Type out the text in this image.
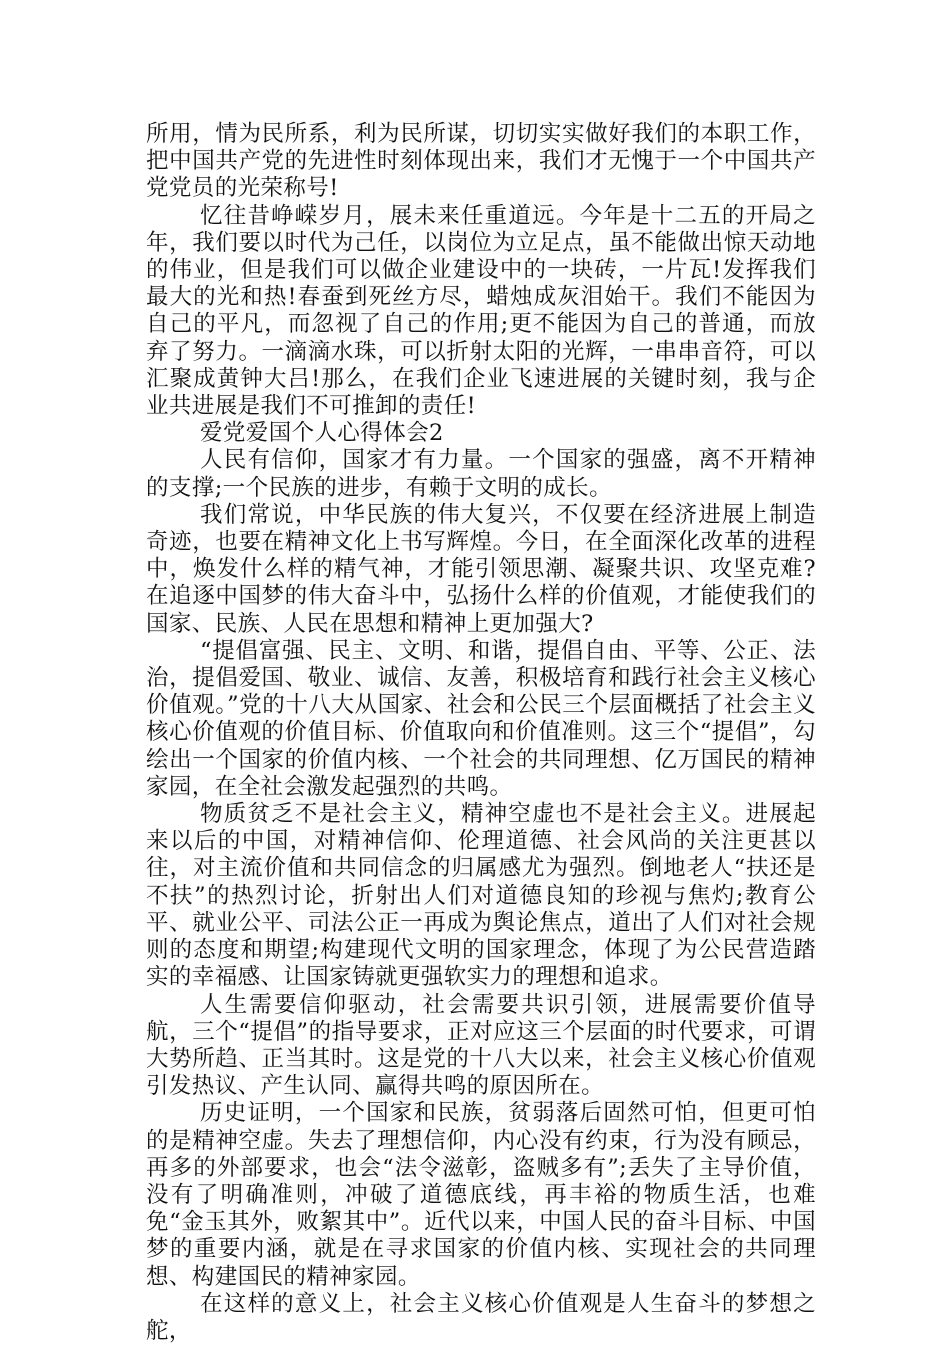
所用，情为民所系，利为民所谋，切切实实做好我们的本职工作，把中国共产党的先进性时刻体现出来，我们才无愧于一个中国共产党党员的光荣称号!

忆往昔峥嵘岁月，展未来任重道远。今年是十二五的开局之年，我们要以时代为己任，以岗位为立足点，虽不能做出惊天动地的伟业，但是我们可以做企业建设中的一块砖，一片瓦!发挥我们最大的光和热!春蚕到死丝方尽，蜡烛成灰泪始干。我们不能因为自己的平凡，而忽视了自己的作用;更不能因为自己的普通，而放弃了努力。一滴滴水珠，可以折射太阳的光辉，一串串音符，可以汇聚成黄钟大吕!那么，在我们企业飞速进展的关键时刻，我与企业共进展是我们不可推卸的责任!

爱党爱国个人心得体会2

人民有信仰，国家才有力量。一个国家的强盛，离不开精神的支撑;一个民族的进步，有赖于文明的成长。

我们常说，中华民族的伟大复兴，不仅要在经济进展上制造奇迹，也要在精神文化上书写辉煌。今日，在全面深化改革的进程中，焕发什么样的精气神，才能引领思潮、凝聚共识、攻坚克难?在追逐中国梦的伟大奋斗中，弘扬什么样的价值观，才能使我们的国家、民族、人民在思想和精神上更加强大?

“提倡富强、民主、文明、和谐，提倡自由、平等、公正、法治，提倡爱国、敬业、诚信、友善，积极培育和践行社会主义核心价值观。”党的十八大从国家、社会和公民三个层面概括了社会主义核心价值观的价值目标、价值取向和价值准则。这三个“提倡”，勾绘出一个国家的价值内核、一个社会的共同理想、亿万国民的精神家园，在全社会激发起强烈的共鸣。

物质贫乏不是社会主义，精神空虚也不是社会主义。进展起来以后的中国，对精神信仰、伦理道德、社会风尚的关注更甚以往，对主流价值和共同信念的归属感尤为强烈。倒地老人“扶还是不扶”的热烈讨论，折射出人们对道德良知的珍视与焦灼;教育公平、就业公平、司法公正一再成为舆论焦点，道出了人们对社会规则的态度和期望;构建现代文明的国家理念，体现了为公民营造踏实的幸福感、让国家铸就更强软实力的理想和追求。

人生需要信仰驱动，社会需要共识引领，进展需要价值导航，三个“提倡”的指导要求，正对应这三个层面的时代要求，可谓大势所趋、正当其时。这是党的十八大以来，社会主义核心价值观引发热议、产生认同、赢得共鸣的原因所在。

历史证明，一个国家和民族，贫弱落后固然可怕，但更可怕的是精神空虚。失去了理想信仰，内心没有约束，行为没有顾忌，再多的外部要求，也会“法令滋彰，盗贼多有”;丢失了主导价值，没有了明确准则，冲破了道德底线，再丰裕的物质生活，也难免“金玉其外，败絮其中”。近代以来，中国人民的奋斗目标、中国梦的重要内涵，就是在寻求国家的价值内核、实现社会的共同理想、构建国民的精神家园。

在这样的意义上，社会主义核心价值观是人生奋斗的梦想之舵，
